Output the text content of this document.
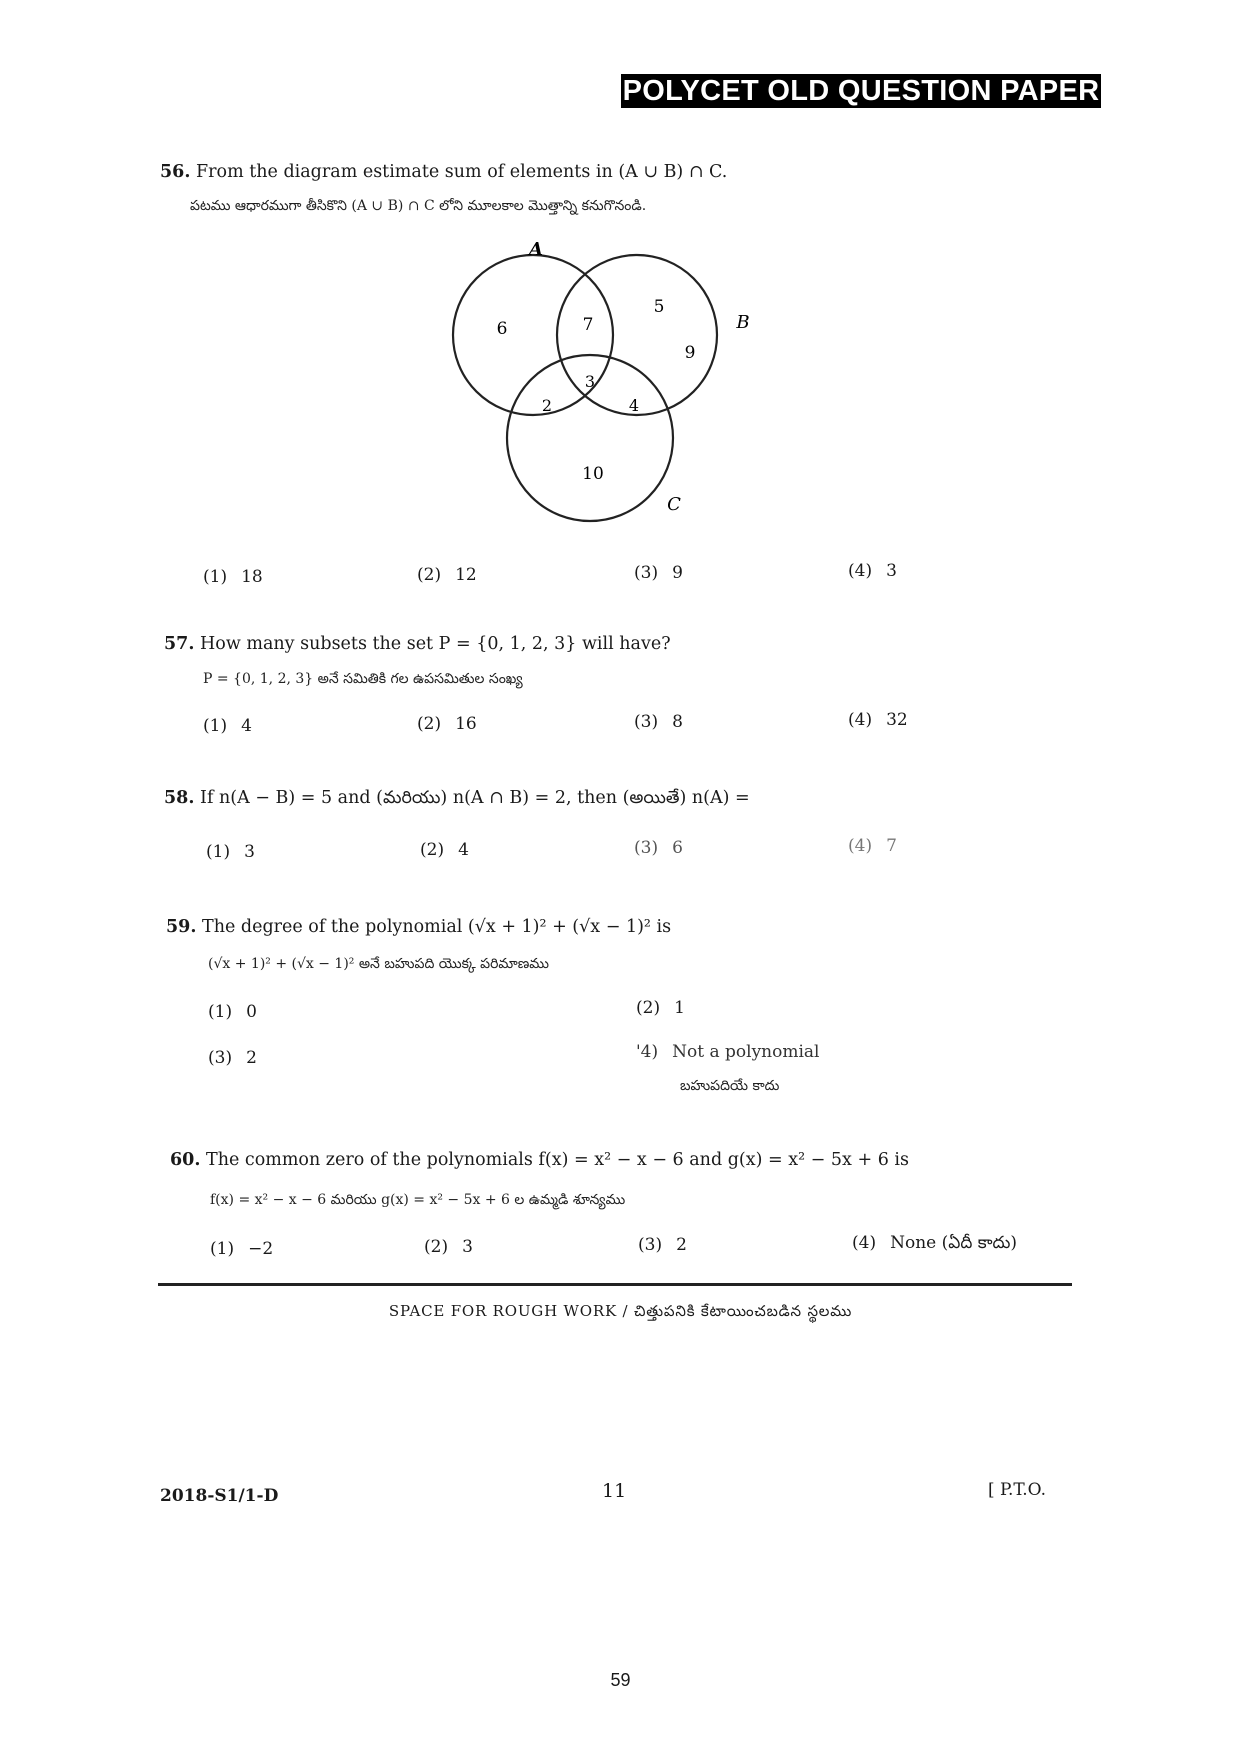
POLYCET OLD QUESTION PAPER
56. From the diagram estimate sum of elements in (A ∪ B) ∩ C.
పటము ఆధారముగా తీసికొని (A ∪ B) ∩ C లోని మూలకాల మొత్తాన్ని కనుగొనండి.
A
B
C
6	7
5
9
3
2	4
10
(1) 18	(2) 12	(3) 9	(4) 3
57. How many subsets the set P = {0, 1, 2, 3} will have?
P = {0, 1, 2, 3} అనే సమితికి గల ఉపసమితుల సంఖ్య
(1) 4	(2) 16	(3) 8	(4) 32
58. If n(A − B) = 5 and (మరియు) n(A ∩ B) = 2, then (అయితే) n(A) =
(1) 3	(2) 4	(3) 6	(4) 7
59. The degree of the polynomial (√x + 1)² + (√x − 1)² is
(√x + 1)² + (√x − 1)² అనే బహుపది యొక్క పరిమాణము
(1) 0	(2) 1
(3) 2	'4) Not a polynomial
బహుపదియే కాదు
60. The common zero of the polynomials f(x) = x² − x − 6 and g(x) = x² − 5x + 6 is
f(x) = x² − x − 6 మరియు g(x) = x² − 5x + 6 ల ఉమ్మడి శూన్యము
(1) −2	(2) 3	(3) 2	(4) None (ఏదీ కాదు)
SPACE FOR ROUGH WORK / చిత్తుపనికి కేటాయించబడిన స్థలము
2018-S1/1-D	11	[ P.T.O.
59
